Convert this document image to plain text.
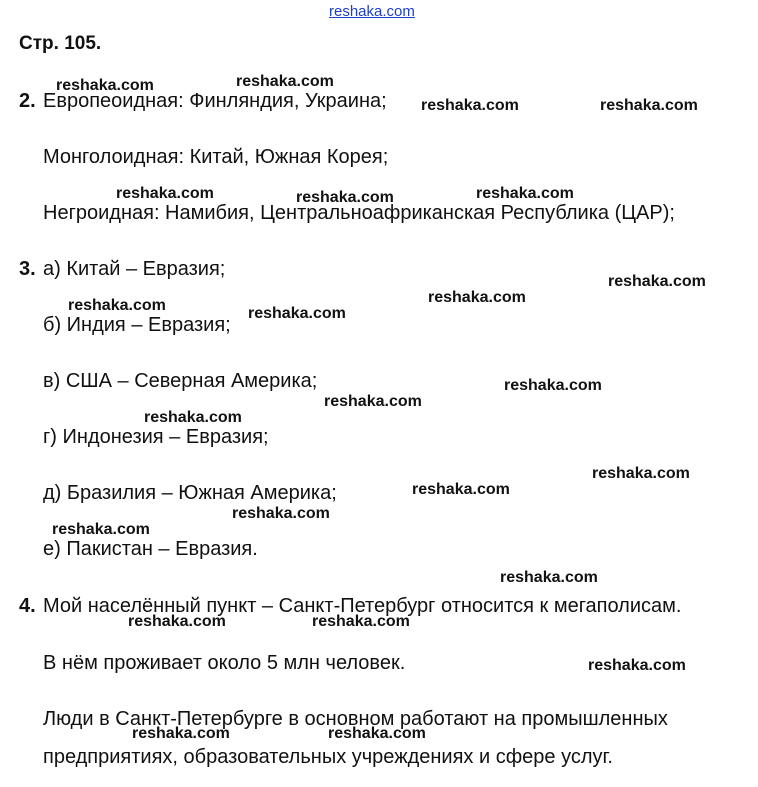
reshaka.com
Стр. 105.
2. Европеоидная: Финляндия, Украина;
Монголоидная: Китай, Южная Корея;
Негроидная: Намибия, Центральноафриканская Республика (ЦАР);
3. а) Китай – Евразия;
б) Индия – Евразия;
в) США – Северная Америка;
г) Индонезия – Евразия;
д) Бразилия – Южная Америка;
е) Пакистан – Евразия.
4. Мой населённый пункт – Санкт-Петербург относится к мегаполисам.
В нём проживает около 5 млн человек.
Люди в Санкт-Петербурге в основном работают на промышленных
предприятиях, образовательных учреждениях и сфере услуг.
reshaka.com	reshaka.com
reshaka.com	reshaka.com
reshaka.com	reshaka.com	reshaka.com
reshaka.com
reshaka.com	reshaka.com
reshaka.com
reshaka.com
reshaka.com
reshaka.com
reshaka.com
reshaka.com
reshaka.com
reshaka.com
reshaka.com
reshaka.com	reshaka.com
reshaka.com
reshaka.com	reshaka.com
